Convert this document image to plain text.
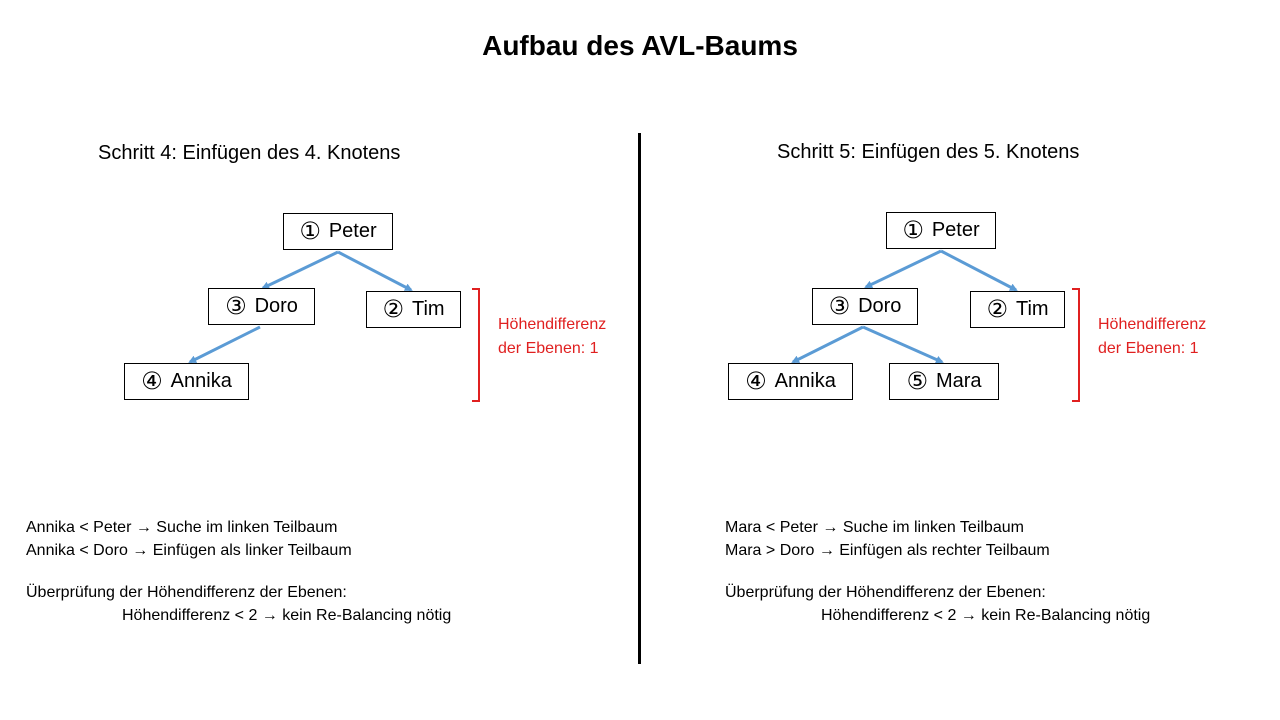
Aufbau des AVL-Baums
Schritt 4: Einfügen des 4. Knotens
① Peter
③ Doro	② Tim
④ Annika
Höhendifferenz
der Ebenen: 1
Annika < Peter → Suche im linken Teilbaum
Annika < Doro → Einfügen als linker Teilbaum
Überprüfung der Höhendifferenz der Ebenen:
Höhendifferenz < 2 → kein Re-Balancing nötig
Schritt 5: Einfügen des 5. Knotens
① Peter
③ Doro	② Tim
④ Annika	⑤ Mara
Höhendifferenz
der Ebenen: 1
Mara < Peter → Suche im linken Teilbaum
Mara > Doro → Einfügen als rechter Teilbaum
Überprüfung der Höhendifferenz der Ebenen:
Höhendifferenz < 2 → kein Re-Balancing nötig
